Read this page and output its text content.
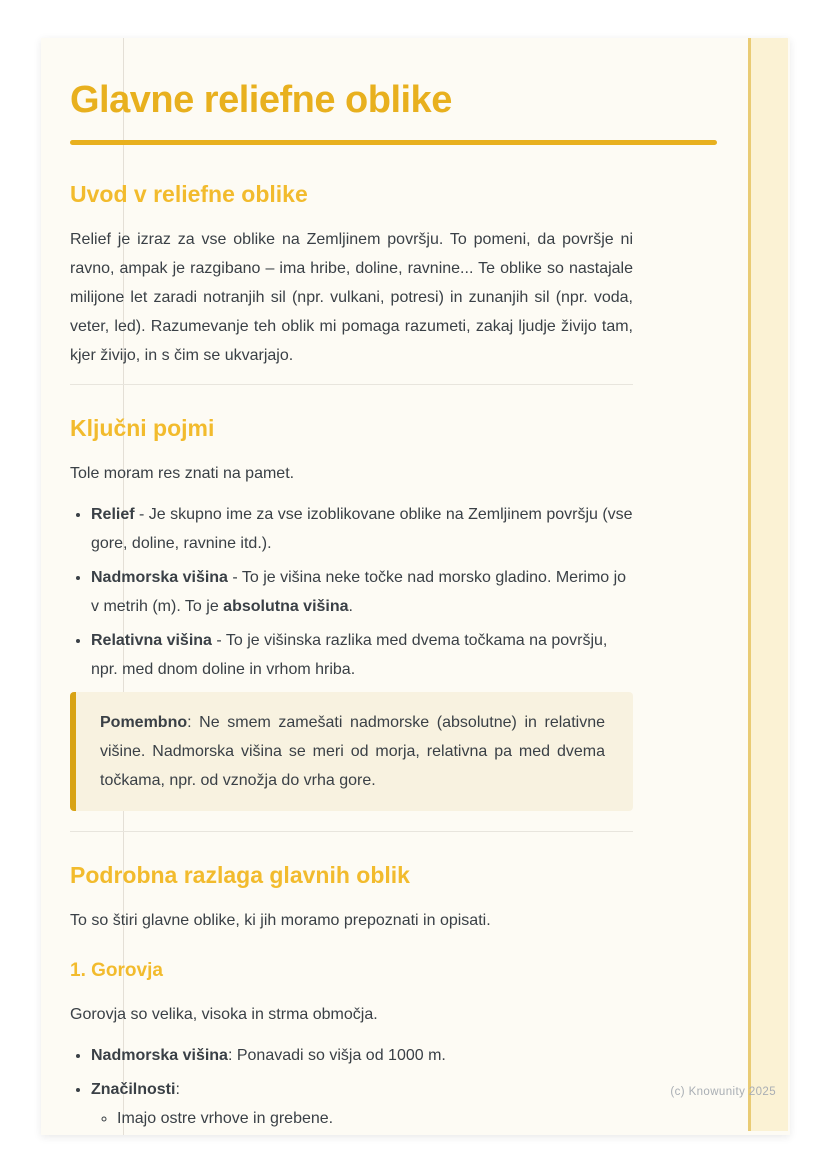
Glavne reliefne oblike
Uvod v reliefne oblike

Relief je izraz za vse oblike na Zemljinem površju. To pomeni, da površje ni ravno, ampak je razgibano – ima hribe, doline, ravnine... Te oblike so nastajale milijone let zaradi notranjih sil (npr. vulkani, potresi) in zunanjih sil (npr. voda, veter, led). Razumevanje teh oblik mi pomaga razumeti, zakaj ljudje živijo tam, kjer živijo, in s čim se ukvarjajo.

Ključni pojmi

Tole moram res znati na pamet.

• Relief - Je skupno ime za vse izoblikovane oblike na Zemljinem površju (vse gore, doline, ravnine itd.).
• Nadmorska višina - To je višina neke točke nad morsko gladino. Merimo jo v metrih (m). To je absolutna višina.
• Relativna višina - To je višinska razlika med dvema točkama na površju, npr. med dnom doline in vrhom hriba.
Pomembno: Ne smem zamešati nadmorske (absolutne) in relativne višine. Nadmorska višina se meri od morja, relativna pa med dvema točkama, npr. od vznožja do vrha gore.
Podrobna razlaga glavnih oblik

To so štiri glavne oblike, ki jih moramo prepoznati in opisati.

1. Gorovja

Gorovja so velika, visoka in strma območja.

• Nadmorska višina: Ponavadi so višja od 1000 m.
• Značilnosti:
◦ Imajo ostre vrhove in grebene.
(c) Knowunity 2025
